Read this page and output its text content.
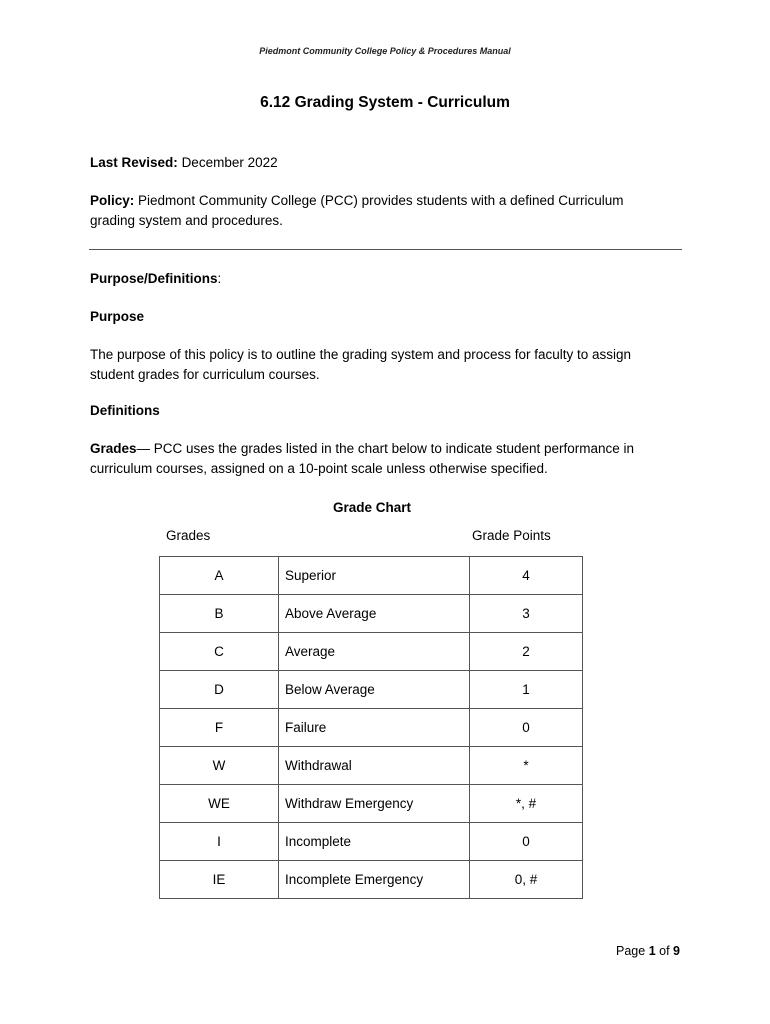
Piedmont Community College Policy & Procedures Manual
6.12 Grading System - Curriculum
Last Revised: December 2022
Policy: Piedmont Community College (PCC) provides students with a defined Curriculum
grading system and procedures.
Purpose/Definitions:
Purpose
The purpose of this policy is to outline the grading system and process for faculty to assign
student grades for curriculum courses.
Definitions
Grades— PCC uses the grades listed in the chart below to indicate student performance in
curriculum courses, assigned on a 10-point scale unless otherwise specified.
Grade Chart
Grades	Grade Points
A	Superior	4
B	Above Average	3
C	Average	2
D	Below Average	1
F	Failure	0
W	Withdrawal	*
WE	Withdraw Emergency	*, #
I	Incomplete	0
IE	Incomplete Emergency	0, #
Page 1 of 9
